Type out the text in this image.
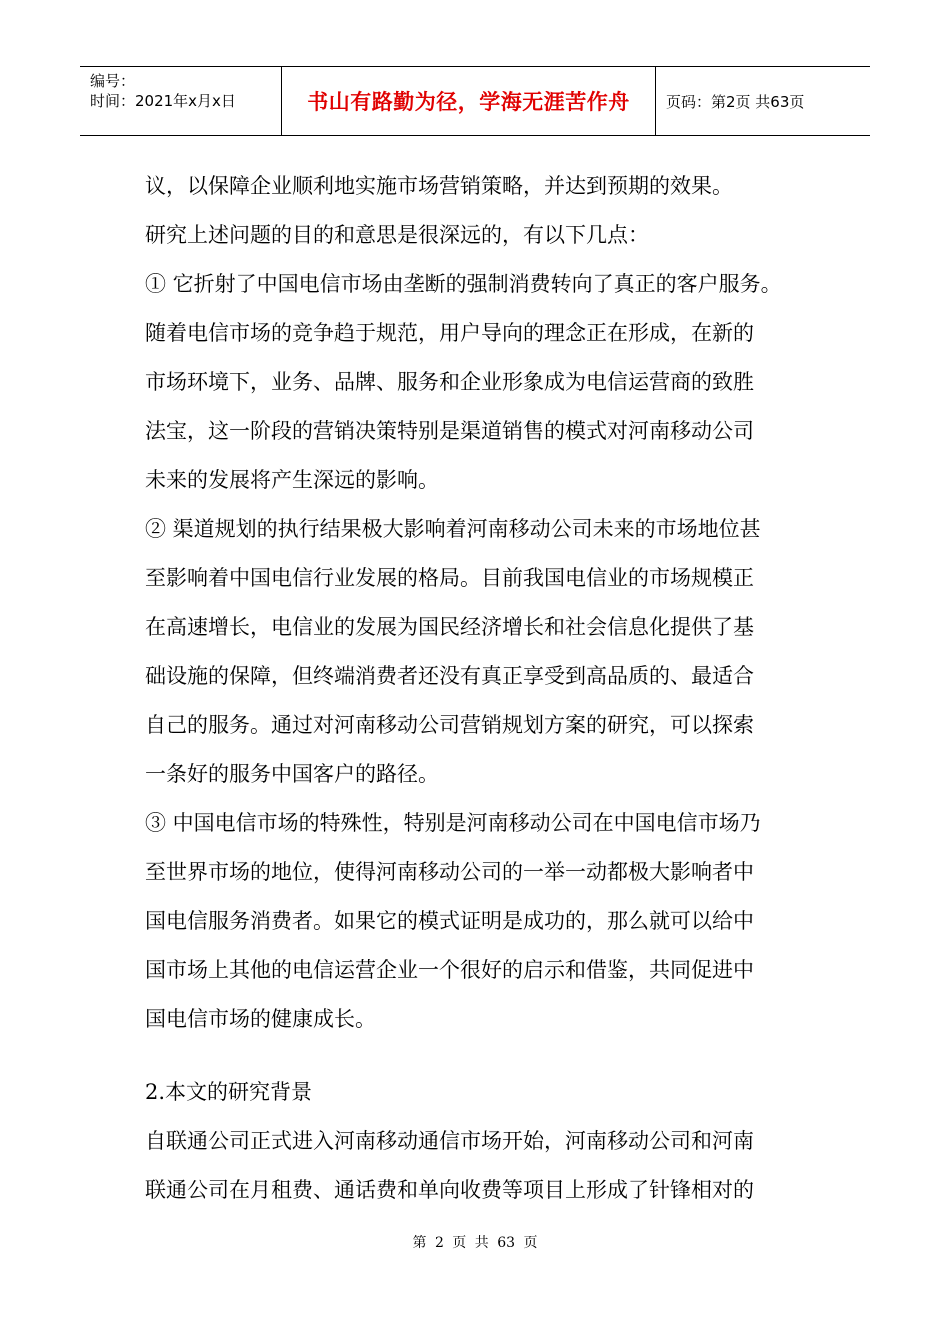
编号：
时间：2021年x月x日	书山有路勤为径，学海无涯苦作舟	页码：第2页 共63页
议，以保障企业顺利地实施市场营销策略，并达到预期的效果。
研究上述问题的目的和意思是很深远的，有以下几点：
① 它折射了中国电信市场由垄断的强制消费转向了真正的客户服务。
随着电信市场的竞争趋于规范，用户导向的理念正在形成，在新的
市场环境下，业务、品牌、服务和企业形象成为电信运营商的致胜
法宝，这一阶段的营销决策特别是渠道销售的模式对河南移动公司
未来的发展将产生深远的影响。
② 渠道规划的执行结果极大影响着河南移动公司未来的市场地位甚
至影响着中国电信行业发展的格局。目前我国电信业的市场规模正
在高速增长，电信业的发展为国民经济增长和社会信息化提供了基
础设施的保障，但终端消费者还没有真正享受到高品质的、最适合
自己的服务。通过对河南移动公司营销规划方案的研究，可以探索
一条好的服务中国客户的路径。
③ 中国电信市场的特殊性，特别是河南移动公司在中国电信市场乃
至世界市场的地位，使得河南移动公司的一举一动都极大影响者中
国电信服务消费者。如果它的模式证明是成功的，那么就可以给中
国市场上其他的电信运营企业一个很好的启示和借鉴，共同促进中
国电信市场的健康成长。
2.本文的研究背景
自联通公司正式进入河南移动通信市场开始，河南移动公司和河南
联通公司在月租费、通话费和单向收费等项目上形成了针锋相对的
第 2 页 共 63 页
